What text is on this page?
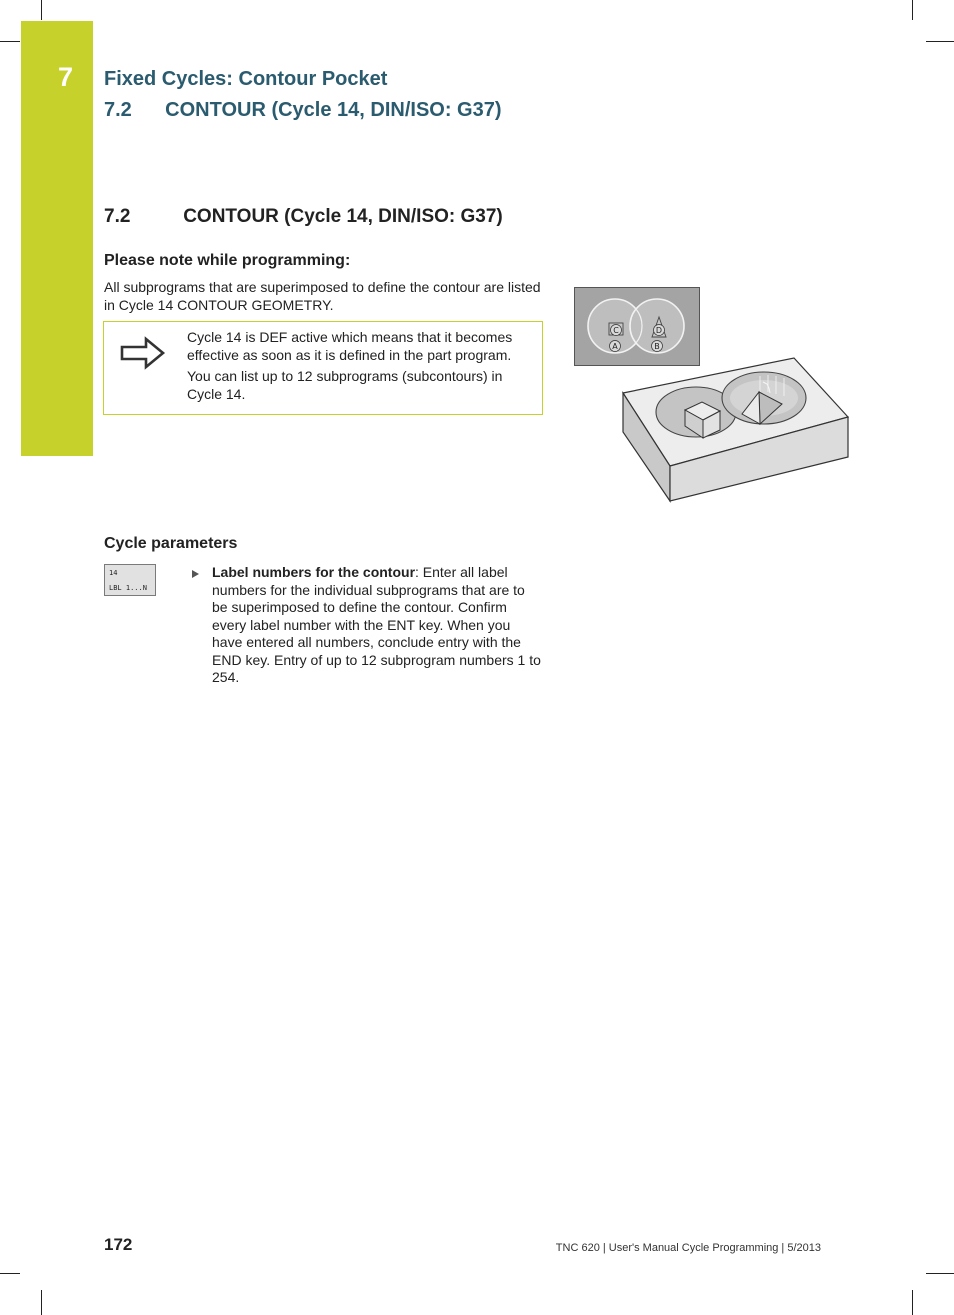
7 Fixed Cycles: Contour Pocket
7.2      CONTOUR (Cycle 14, DIN/ISO: G37)
7.2          CONTOUR (Cycle 14, DIN/ISO: G37)
Please note while programming:
All subprograms that are superimposed to define the contour are listed in Cycle 14 CONTOUR GEOMETRY.

Cycle 14 is DEF active which means that it becomes effective as soon as it is defined in the part program.

You can list up to 12 subprograms (subcontours) in Cycle 14.

C	D
A	B
Cycle parameters
14
LBL 1...N
Label numbers for the contour: Enter all label numbers for the individual subprograms that are to be superimposed to define the contour. Confirm every label number with the ENT key. When you have entered all numbers, conclude entry with the END key. Entry of up to 12 subprogram numbers 1 to 254.
172	TNC 620 | User's Manual Cycle Programming | 5/2013
